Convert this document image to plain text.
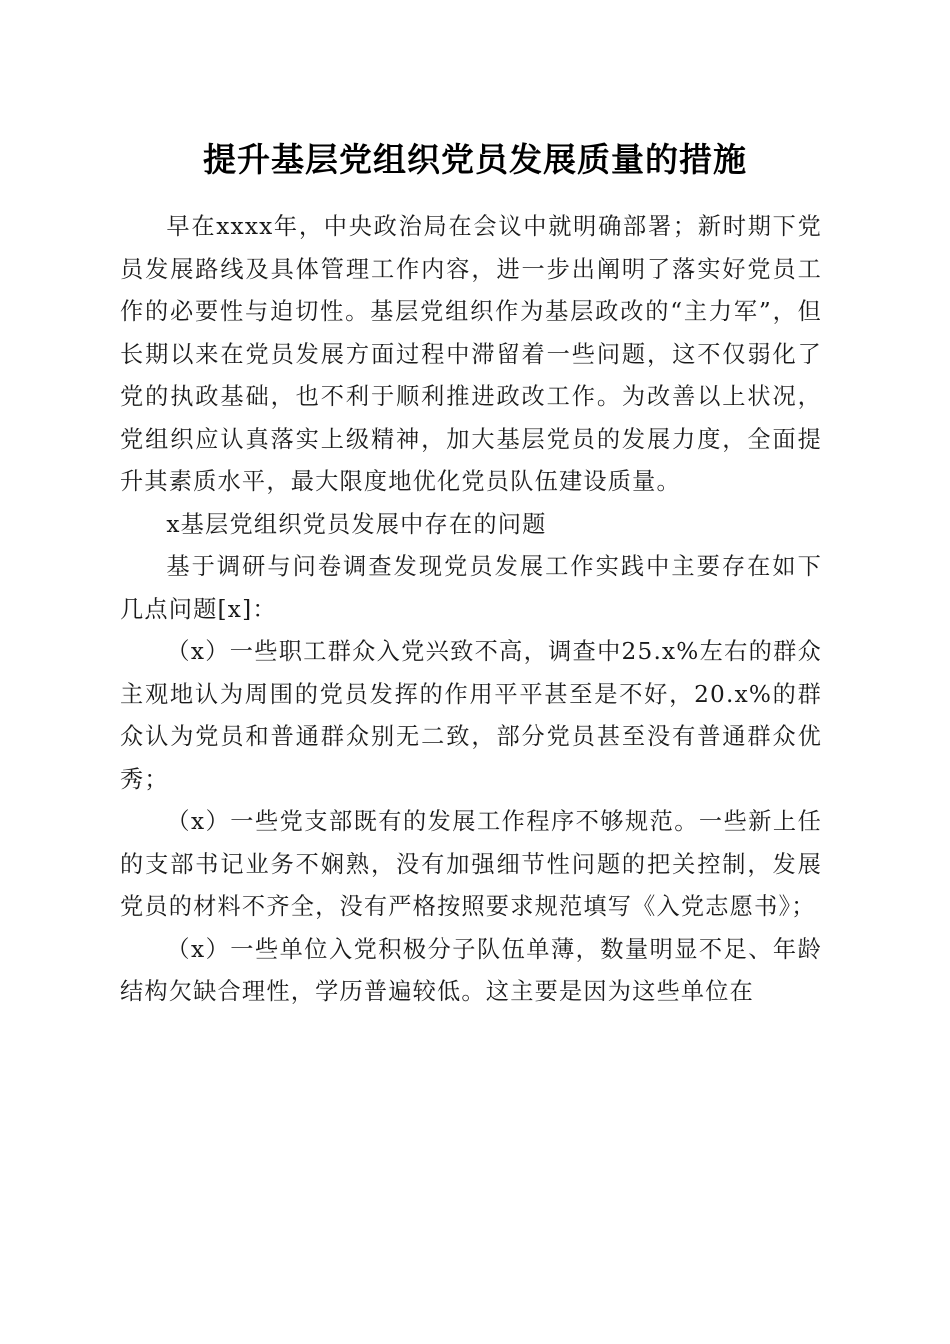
提升基层党组织党员发展质量的措施

早在xxxx年，中央政治局在会议中就明确部署；新时期下党员发展路线及具体管理工作内容，进一步出阐明了落实好党员工作的必要性与迫切性。基层党组织作为基层政改的“主力军”，但长期以来在党员发展方面过程中滞留着一些问题，这不仅弱化了党的执政基础，也不利于顺利推进政改工作。为改善以上状况，党组织应认真落实上级精神，加大基层党员的发展力度，全面提升其素质水平，最大限度地优化党员队伍建设质量。

x基层党组织党员发展中存在的问题

基于调研与问卷调查发现党员发展工作实践中主要存在如下几点问题[x]：

（x）一些职工群众入党兴致不高，调查中25.x%左右的群众主观地认为周围的党员发挥的作用平平甚至是不好，20.x%的群众认为党员和普通群众别无二致，部分党员甚至没有普通群众优秀；

（x）一些党支部既有的发展工作程序不够规范。一些新上任的支部书记业务不娴熟，没有加强细节性问题的把关控制，发展党员的材料不齐全，没有严格按照要求规范填写《入党志愿书》；

（x）一些单位入党积极分子队伍单薄，数量明显不足、年龄结构欠缺合理性，学历普遍较低。这主要是因为这些单位在
